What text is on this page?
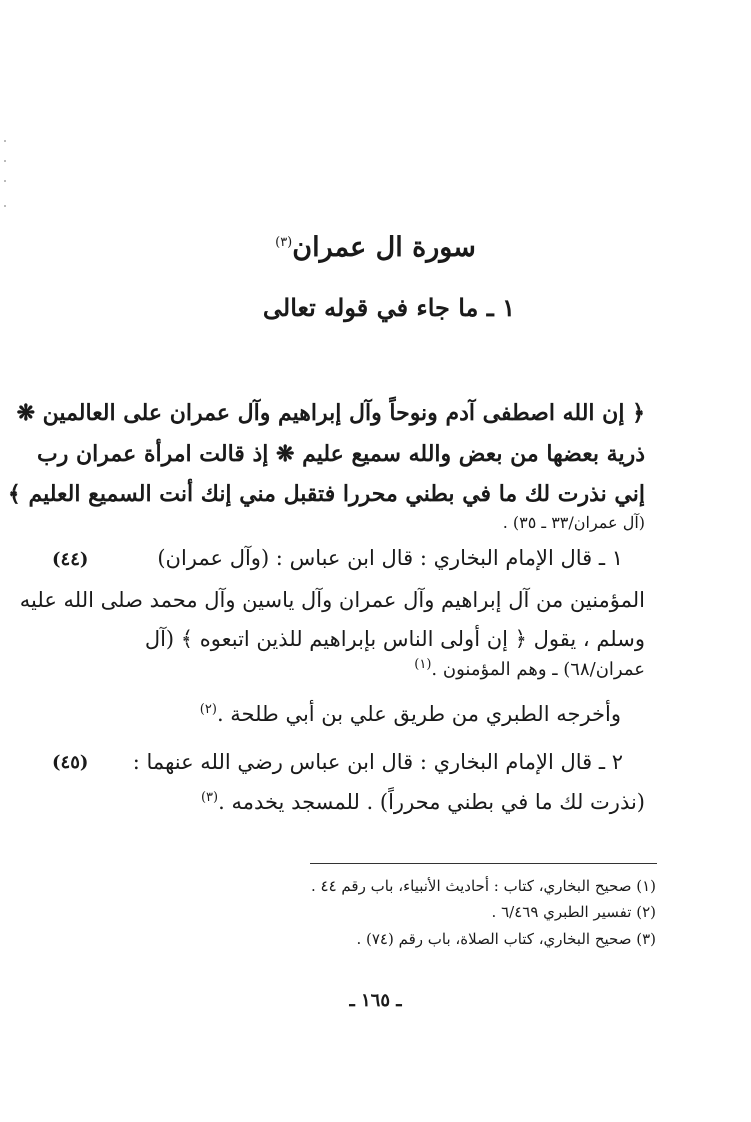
سورة ال عمران$^{(٣)}$
١ ـ ما جاء في قوله تعالى
﴿ إن الله اصطفى آدم ونوحاً وآل إبراهيم وآل عمران على العالمين ❋
ذرية بعضها من بعض والله سميع عليم ❋ إذ قالت امرأة عمران رب
إني نذرت لك ما في بطني محررا فتقبل مني إنك أنت السميع العليم ﴾
(آل عمران/٣٣ ـ ٣٥) .
(٤٤)	١ ـ قال الإمام البخاري : قال ابن عباس : (وآل عمران)
المؤمنين من آل إبراهيم وآل عمران وآل ياسين وآل محمد صلى الله عليه
وسلم ، يقول ﴿ إن أولى الناس بإبراهيم للذين اتبعوه ﴾ (آل
عمران/٦٨) ـ وهم المؤمنون .$^{(١)}$
وأخرجه الطبري من طريق علي بن أبي طلحة .$^{(٢)}$
(٤٥) ٢ ـ قال الإمام البخاري : قال ابن عباس رضي الله عنهما :
(نذرت لك ما في بطني محرراً) . للمسجد يخدمه .$^{(٣)}$
(١) صحيح البخاري، كتاب : أحاديث الأنبياء، باب رقم ٤٤ .
(٢) تفسير الطبري ٦/٤٦٩ .
(٣) صحيح البخاري، كتاب الصلاة، باب رقم (٧٤) .
ـ ١٦٥ ـ
